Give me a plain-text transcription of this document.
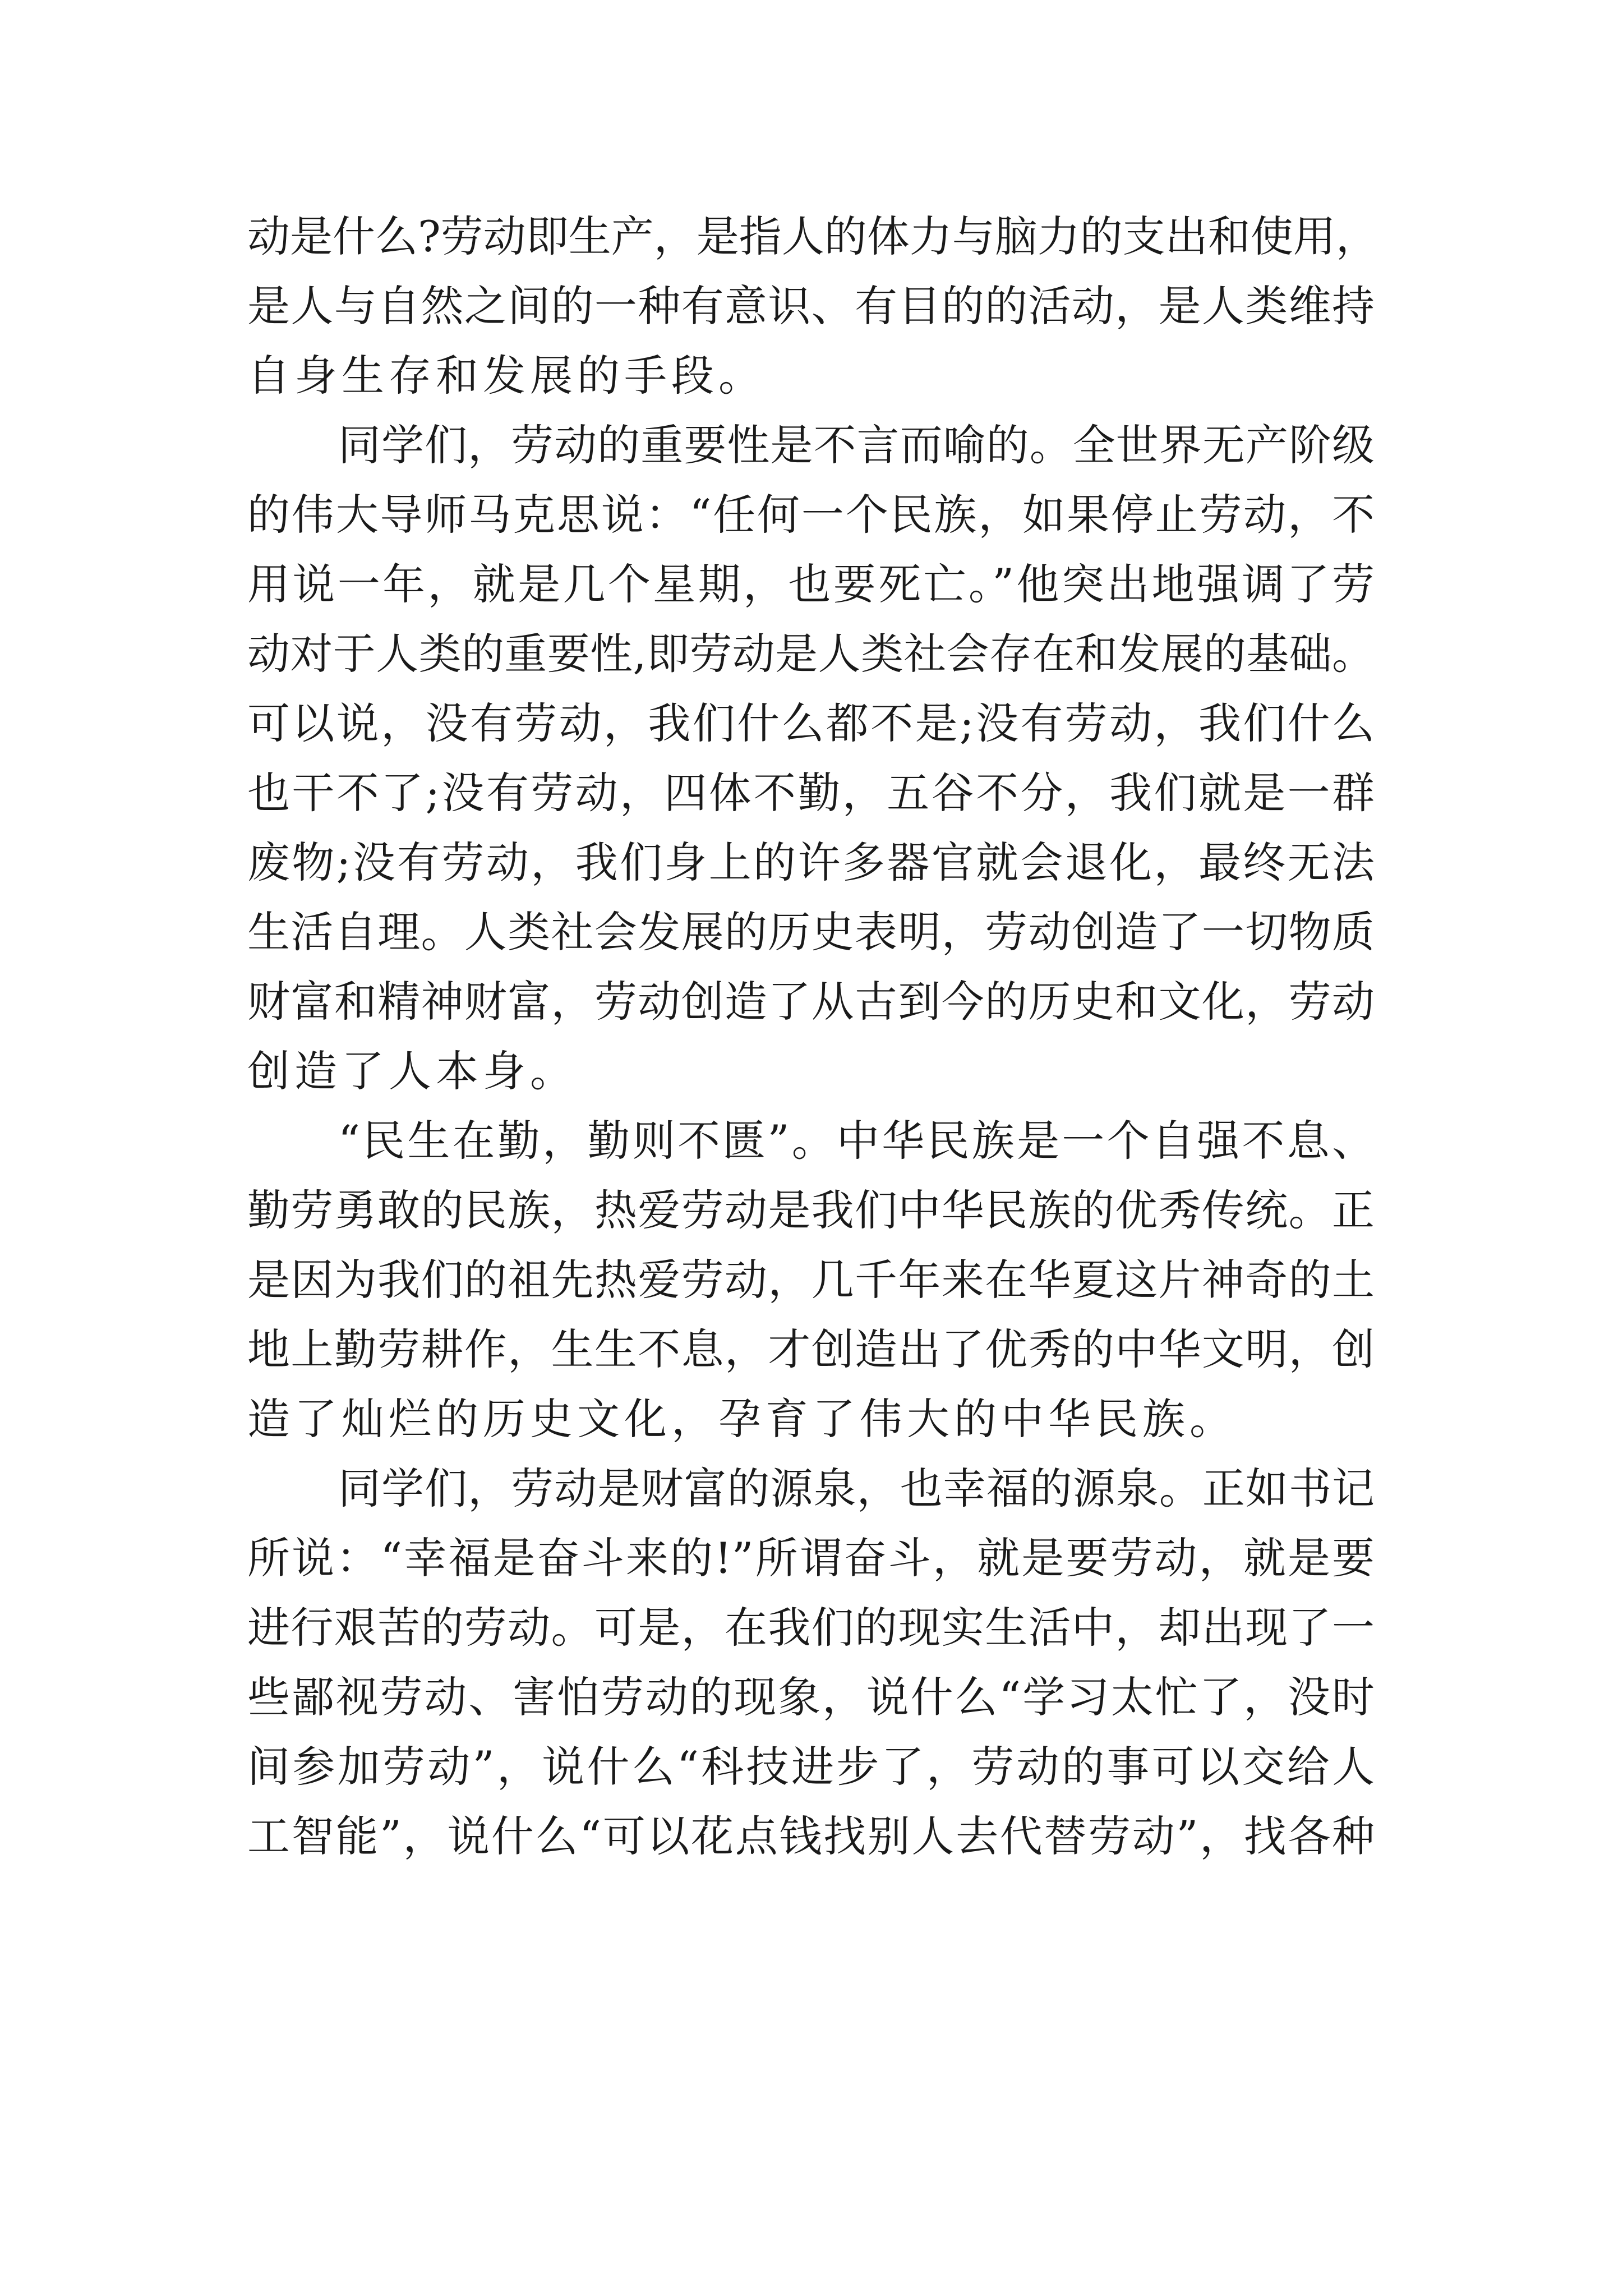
动是什么?劳动即生产，是指人的体力与脑力的支出和使用，
是人与自然之间的一种有意识、有目的的活动，是人类维持
自身生存和发展的手段。
同学们，劳动的重要性是不言而喻的。全世界无产阶级
的伟大导师马克思说：“任何一个民族，如果停止劳动，不
用说一年，就是几个星期，也要死亡。”他突出地强调了劳
动对于人类的重要性,即劳动是人类社会存在和发展的基础。
可以说，没有劳动，我们什么都不是;没有劳动，我们什么
也干不了;没有劳动，四体不勤，五谷不分，我们就是一群
废物;没有劳动，我们身上的许多器官就会退化，最终无法
生活自理。人类社会发展的历史表明，劳动创造了一切物质
财富和精神财富，劳动创造了从古到今的历史和文化，劳动
创造了人本身。
“民生在勤，勤则不匮”。中华民族是一个自强不息、
勤劳勇敢的民族，热爱劳动是我们中华民族的优秀传统。正
是因为我们的祖先热爱劳动，几千年来在华夏这片神奇的土
地上勤劳耕作，生生不息，才创造出了优秀的中华文明，创
造了灿烂的历史文化，孕育了伟大的中华民族。
同学们，劳动是财富的源泉，也幸福的源泉。正如书记
所说：“幸福是奋斗来的!”所谓奋斗，就是要劳动，就是要
进行艰苦的劳动。可是，在我们的现实生活中，却出现了一
些鄙视劳动、害怕劳动的现象，说什么“学习太忙了，没时
间参加劳动”，说什么“科技进步了，劳动的事可以交给人
工智能”，说什么“可以花点钱找别人去代替劳动”，找各种
